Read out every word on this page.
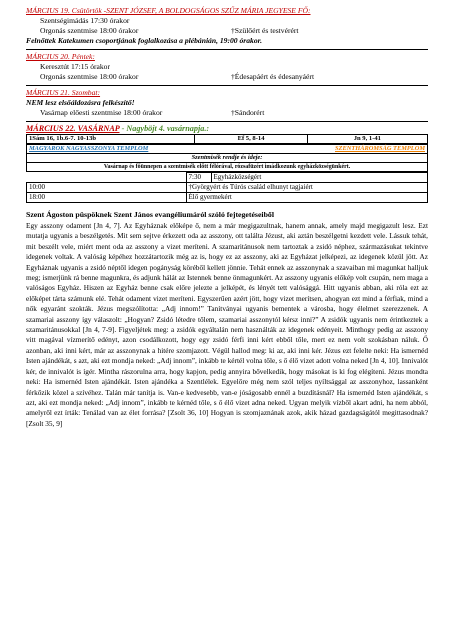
MÁRCIUS 19. Csütörtök -SZENT JÓZSEF, A BOLDOGSÁGOS SZŰZ MÁRIA JEGYESE FŐ:
Szentségimádás 17:30 órakor
Orgonás szentmise 18:00 órakor	†Szülőért és testvérért
Felnőttek Katekumen csoportjának foglalkozása a plébánián, 19:00 órakor.
MÁRCIUS 20. Péntek:
Keresztút 17:15 órakor
Orgonás szentmise 18:00 órakor	†Édesapáért és édesanyáért
MÁRCIUS 21. Szombat:
NEM lesz elsőáldozásra felkészítő!
Vasárnap előesti szentmise 18:00 órakor	†Sándorért
MÁRCIUS 22. VASÁRNAP - Nagyböjt 4. vasárnapja.:
1Sám 16, 1b.6-7. 10-13b	Ef 5, 8-14	Jn 9, 1-41
MAGYAROK NAGYASSZONYA TEMPLOM	SZENTHÁROMSÁG TEMPLOM
Szentmisék rendje és ideje:
Vasárnap és főünnepen a szentmisék előtt félórával, rózsafüzért imádkozunk egyházközségünkért.
	7:30	Egyházközségért
10:00	†Györgyért és Túrós család elhunyt tagjaiért	
18:00	Élő gyermekért	
Szent Ágoston püspöknek Szent János evangéliumáról szóló fejtegetéseiből

Egy asszony odament [Jn 4, 7]. Az Egyháznak előképe ő, nem a már megigazultnak, hanem annak, amely majd megigazult lesz. Ezt mutatja ugyanis a beszélgetés. Mit sem sejtve érkezett oda az asszony, ott találta Jézust, aki aztán beszélgetni kezdett vele. Lássuk tehát, mit beszélt vele, miért ment oda az asszony a vizet meríteni. A szamaritánusok nem tartoztak a zsidó néphez, származásukat tekintve idegenek voltak. A valóság képéhez hozzátartozik még az is, hogy ez az asszony, aki az Egyházat jelképezi, az idegenek közül jött. Az Egyháznak ugyanis a zsidó néptől idegen pogányság köréből kellett jönnie. Tehát ennek az asszonynak a szavaiban mi magunkat halljuk meg; ismerjünk rá benne magunkra, és adjunk hálát az Istennek benne önmagunkért. Az asszony ugyanis előkép volt csupán, nem maga a valóságos Egyház. Hiszen az Egyház benne csak előre jelezte a jelképét, és lényét tett valósággá. Hitt ugyanis abban, aki róla ezt az előképet tárta számunk elé. Tehát odament vizet meríteni. Egyszerűen azért jött, hogy vizet merítsen, ahogyan ezt mind a férfiak, mind a nők egyaránt szokták. Jézus megszólította: „Adj innom!” Tanítványai ugyanis bementek a városba, hogy élelmet szerezzenek. A szamariai asszony így válaszolt: „Hogyan? Zsidó létedre tőlem, szamariai asszonytól kérsz inni?” A zsidók ugyanis nem érintkeztek a szamaritánusokkal [Jn 4, 7-9]. Figyeljétek meg: a zsidók egyáltalán nem használták az idegenek edényeit. Minthogy pedig az asszony vitt magával vízmerítő edényt, azon csodálkozott, hogy egy zsidó férfi inni kért ebből tőle, mert ez nem volt szokásban náluk. Ő azonban, aki inni kért, már az asszonynak a hitére szomjazott. Végül hallod meg: ki az, aki inni kér. Jézus ezt felelte neki: Ha ismernéd Isten ajándékát, s azt, aki ezt mondja neked: „Adj innom”, inkább te kértél volna tőle, s ő élő vizet adott volna neked [Jn 4, 10]. Innivalót kér, de innivalót is ígér. Mintha rászorulna arra, hogy kapjon, pedig annyira bővelkedik, hogy másokat is ki fog elégíteni. Jézus mondta neki: Ha ismernéd Isten ajándékát. Isten ajándéka a Szentlélek. Egyelőre még nem szól teljes nyíltsággal az asszonyhoz, lassanként férkőzik közel a szívéhez. Talán már tanítja is. Van-e kedvesebb, van-e jóságosabb ennél a buzdításnál? Ha ismernéd Isten ajándékát, s azt, aki ezt mondja neked: „Adj innom”, inkább te kérnéd tőle, s ő élő vizet adna neked. Ugyan melyik vízből akart adni, ha nem abból, amelyről ezt írták: Tenálad van az élet forrása? [Zsolt 36, 10] Hogyan is szomjaznának azok, akik házad gazdagságától megittasodnak? [Zsolt 35, 9]
